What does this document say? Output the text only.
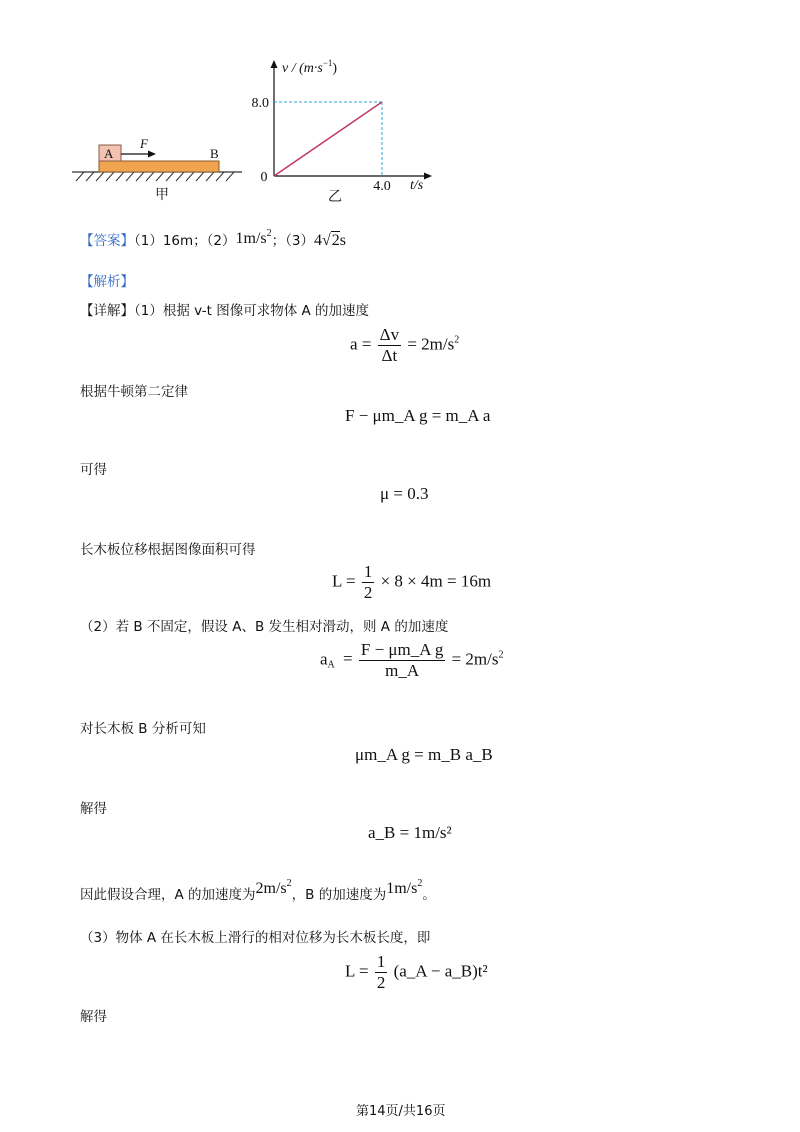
A
F
B
甲
8.0
0
4.0
$v / (m\cdot s^{-1})$
t/s
乙
【答案】（1）16m；$(2)1m/s^2$；（3）4√2s
【解析】
【详解】（1）根据 v-t 图像可求物体 A 的加速度
$a = \frac{\Delta v}{\Delta t} = 2m/s^2$
根据牛顿第二定律
F − μm_A g = m_A a
可得
μ = 0.3
长木板位移根据图像面积可得
$L = \frac{1}{2} \times 8 \times 4m = 16m$
（2）若 B 不固定，假设 A、B 发生相对滑动，则 A 的加速度
$a_A = \frac{\text{F − μm\_A g}}{m\_A} = 2m/s^2$
对长木板 B 分析可知
μm_A g = m_B a_B
解得
a_B = 1m/s²
因此假设合理，A 的加速度为$2m/s^2$，B 的加速度为$1m/s^2$。
（3）物体 A 在长木板上滑行的相对位移为长木板长度，即
$L = \frac{1}{2}$ (a_A − a_B)t²
解得
第14页/共16页
